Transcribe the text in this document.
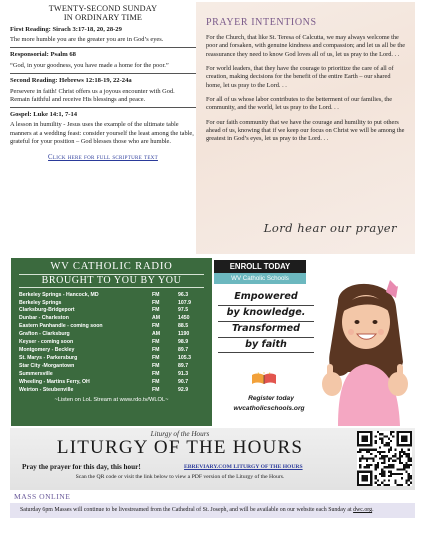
TWENTY-SECOND SUNDAY
IN ORDINARY TIME
First Reading: Sirach 3:17-18, 20, 28-29
The more humble you are the greater you are in God’s eyes.
Responsorial: Psalm 68
“God, in your goodness, you have made a home for the poor.”
Second Reading: Hebrews 12:18-19, 22-24a
Persevere in faith! Christ offers us a joyous encounter with God. Remain faithful and receive His blessings and peace.
Gospel: Luke 14:1, 7-14
A lesson in humility - Jesus uses the example of the ultimate table manners at a wedding feast: consider yourself the least among the table, grateful for your position – God blesses those who are humble.
Click here for full scripture text
PRAYER INTENTIONS

For the Church, that like St. Teresa of Calcutta, we may always welcome the poor and forsaken, with genuine kindness and compassion; and let us all be the reassurance they need to know God loves all of us, let us pray to the Lord. . .

For world leaders, that they have the courage to prioritize the care of all of creation, making decisions for the benefit of the entire Earth – our shared home, let us pray to the Lord. . .

For all of us whose labor contributes to the betterment of our families, the community, and the world, let us pray to the Lord. . .

For our faith community that we have the courage and humility to put others ahead of us, knowing that if we keep our focus on Christ we will be among the greatest in God’s eyes, let us pray to the Lord. . .

Lord hear our prayer
WV CATHOLIC RADIO
BROUGHT TO YOU BY YOU
Berkeley Springs - Hancock, MD	FM	96.3
Berkeley Springs	FM	107.9
Clarksburg-Bridgeport	FM	97.5
Dunbar - Charleston	AM	1450
Eastern Panhandle - coming soon	FM	88.5
Grafton - Clarksburg	AM	1190
Keyser - coming soon	FM	98.9
Montgomery - Beckley	FM	89.7
St. Marys - Parkersburg	FM	105.3
Star City -Morgantown	FM	89.7
Summersville	FM	91.3
Wheeling - Martins Ferry, OH	FM	90.7
Weirton - Steubenville	FM	92.9
~Listen on LoL Stream at www.rdo.tv/WLOL~
ENROLL TODAY
WV Catholic Schools
Empowered
by knowledge.
Transformed
by faith
Register today
wvcatholicschools.org
Liturgy of the Hours
LITURGY OF THE HOURS
Pray the prayer for this day, this hour!	EBREVIARY.COM LITURGY OF THE HOURS
Scan the QR code or visit the link below to view a PDF version of the Liturgy of the Hours.
MASS ONLINE
Saturday 6pm Masses will continue to be livestreamed from the Cathedral of St. Joseph, and will be available on our website each Sunday at dwc.org.
